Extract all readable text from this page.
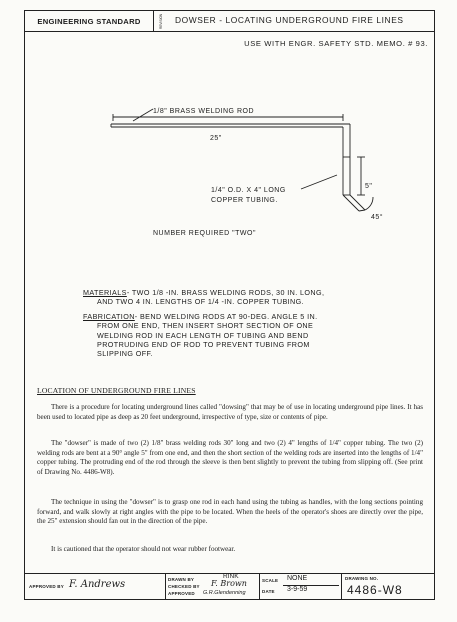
ENGINEERING STANDARD	REVISION	DOWSER - LOCATING UNDERGROUND FIRE LINES
USE WITH ENGR. SAFETY STD. MEMO. # 93.
1/8" BRASS WELDING ROD
25"
1/4" O.D. X 4" LONG
COPPER TUBING.
5"
45°
NUMBER REQUIRED "TWO"
MATERIALS- TWO 1/8 -IN. BRASS WELDING RODS, 30 IN. LONG,
AND TWO 4 IN. LENGTHS OF 1/4 -IN. COPPER TUBING.
FABRICATION- BEND WELDING RODS AT 90-DEG. ANGLE 5 IN.
FROM ONE END, THEN INSERT SHORT SECTION OF ONE
WELDING ROD IN EACH LENGTH OF TUBING AND BEND
PROTRUDING END OF ROD TO PREVENT TUBING FROM
SLIPPING OFF.
LOCATION OF UNDERGROUND FIRE LINES
There is a procedure for locating underground lines called "dowsing" that may be of use in locating underground pipe lines. It has been used to located pipe as deep as 20 feet underground, irrespective of type, size or contents of pipe.
The "dowser" is made of two (2) 1/8" brass welding rods 30" long and two (2) 4" lengths of 1/4" copper tubing. The two (2) welding rods are bent at a 90° angle 5" from one end, and then the short section of the welding rods are inserted into the lengths of 1/4" copper tubing. The protruding end of the rod through the sleeve is then bent slightly to prevent the tubing from slipping off. (See print of Drawing No. 4486-W8).
The technique in using the "dowser" is to grasp one rod in each hand using the tubing as handles, with the long sections pointing forward, and walk slowly at right angles with the pipe to be located. When the heels of the operator's shoes are directly over the pipe, the 25" extension should fan out in the direction of the pipe.
It is cautioned that the operator should not wear rubber footwear.
APPROVED BY F. Andrews	DRAWN BY	RINK
CHECKED BY F. Brown
APPROVED G.R.Glendenning
SCALE NONE
DATE 3-9-59
DRAWING NO.
4486-W8
